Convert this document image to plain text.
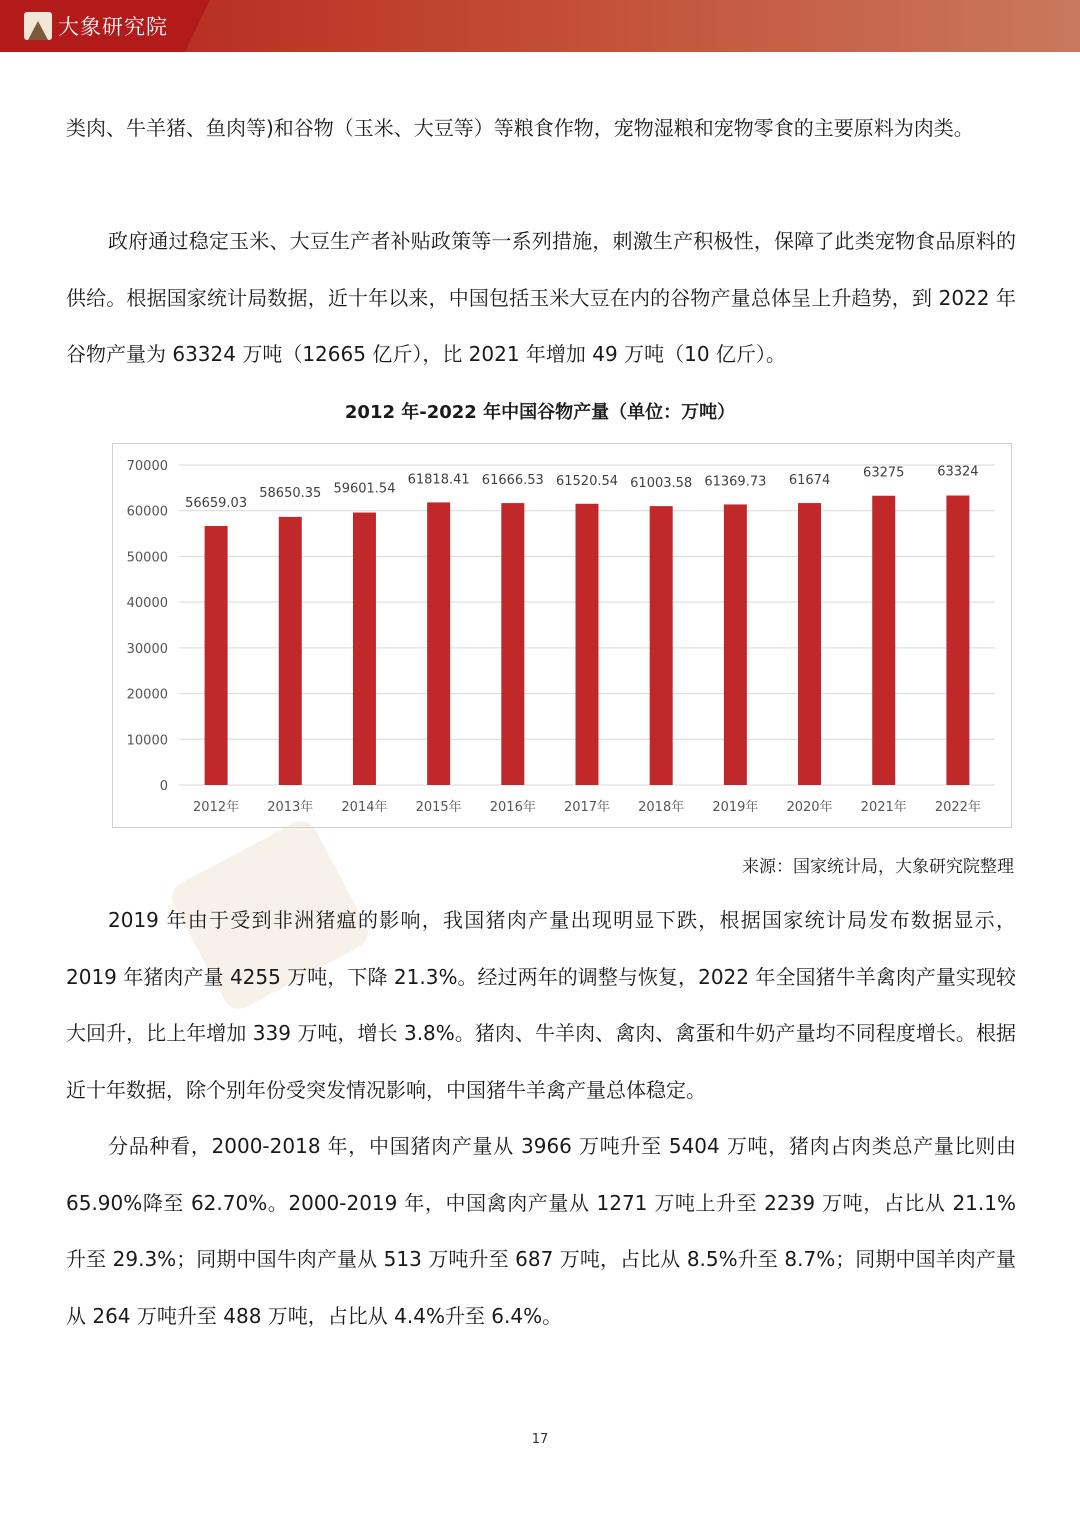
大象研究院

类肉、牛羊猪、鱼肉等)和谷物（玉米、大豆等）等粮食作物，宠物湿粮和宠物零食的主要原料为肉类。

政府通过稳定玉米、大豆生产者补贴政策等一系列措施，刺激生产积极性，保障了此类宠物食品原料的供给。根据国家统计局数据，近十年以来，中国包括玉米大豆在内的谷物产量总体呈上升趋势，到 2022 年谷物产量为 63324 万吨（12665 亿斤），比 2021 年增加 49 万吨（10 亿斤）。

2012 年-2022 年中国谷物产量（单位：万吨）
0
10000
20000
30000
40000
50000
60000
70000
56659.03
2012年
58650.35
2013年
59601.54
2014年
61818.41
2015年
61666.53
2016年
61520.54
2017年
61003.58
2018年
61369.73
2019年
61674
2020年
63275
2021年
63324
2022年
来源：国家统计局，大象研究院整理

2019 年由于受到非洲猪瘟的影响，我国猪肉产量出现明显下跌，根据国家统计局发布数据显示，2019 年猪肉产量 4255 万吨，下降 21.3%。经过两年的调整与恢复，2022 年全国猪牛羊禽肉产量实现较大回升，比上年增加 339 万吨，增长 3.8%。猪肉、牛羊肉、禽肉、禽蛋和牛奶产量均不同程度增长。根据近十年数据，除个别年份受突发情况影响，中国猪牛羊禽产量总体稳定。

分品种看，2000-2018 年，中国猪肉产量从 3966 万吨升至 5404 万吨，猪肉占肉类总产量比则由 65.90%降至 62.70%。2000-2019 年，中国禽肉产量从 1271 万吨上升至 2239 万吨，占比从 21.1%升至 29.3%；同期中国牛肉产量从 513 万吨升至 687 万吨，占比从 8.5%升至 8.7%；同期中国羊肉产量从 264 万吨升至 488 万吨，占比从 4.4%升至 6.4%。

17
